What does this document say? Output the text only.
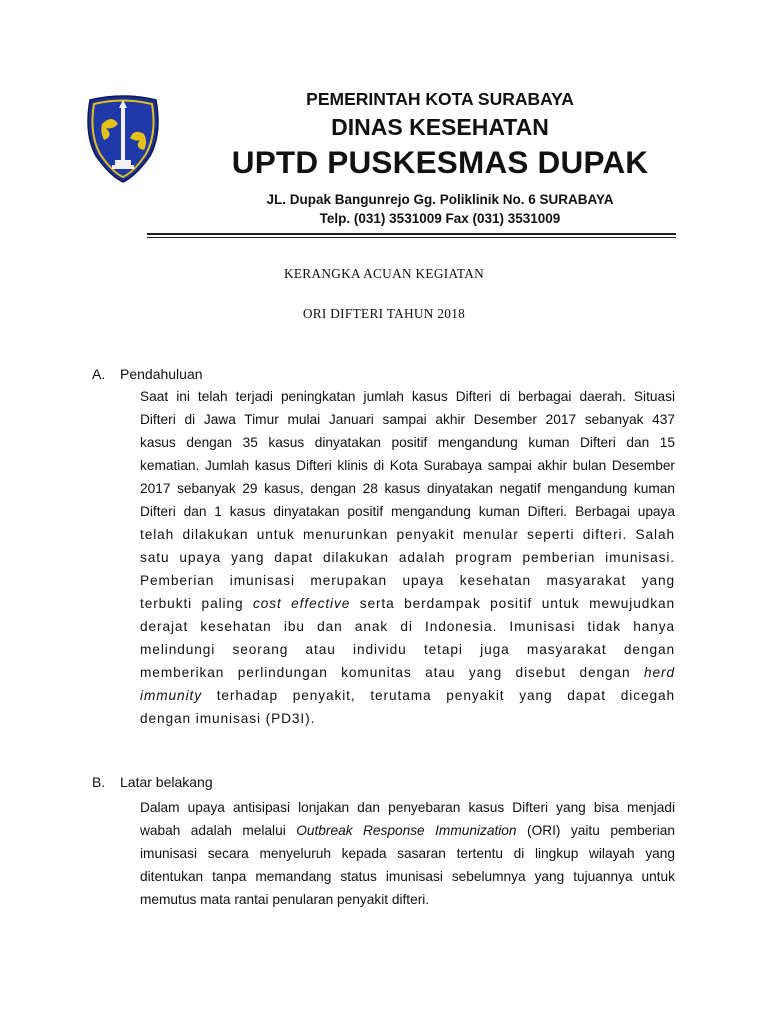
PEMERINTAH KOTA SURABAYA
DINAS KESEHATAN
UPTD PUSKESMAS DUPAK
JL. Dupak Bangunrejo Gg. Poliklinik No. 6 SURABAYA
Telp. (031) 3531009 Fax (031) 3531009
KERANGKA ACUAN KEGIATAN
ORI DIFTERI TAHUN 2018
A. Pendahuluan
Saat ini telah terjadi peningkatan jumlah kasus Difteri di berbagai daerah. Situasi
Difteri di Jawa Timur mulai Januari sampai akhir Desember 2017 sebanyak 437
kasus dengan 35 kasus dinyatakan positif mengandung kuman Difteri dan 15
kematian. Jumlah kasus Difteri klinis di Kota Surabaya sampai akhir bulan Desember
2017 sebanyak 29 kasus, dengan 28 kasus dinyatakan negatif mengandung kuman
Difteri dan 1 kasus dinyatakan positif mengandung kuman Difteri. Berbagai upaya
telah dilakukan untuk menurunkan penyakit menular seperti difteri. Salah
satu upaya yang dapat dilakukan adalah program pemberian imunisasi.
Pemberian imunisasi merupakan upaya kesehatan masyarakat yang
terbukti paling cost effective serta berdampak positif untuk mewujudkan
derajat kesehatan ibu dan anak di Indonesia. Imunisasi tidak hanya
melindungi seorang atau individu tetapi juga masyarakat dengan
memberikan perlindungan komunitas atau yang disebut dengan herd
immunity terhadap penyakit, terutama penyakit yang dapat dicegah
dengan imunisasi (PD3I).
B. Latar belakang
Dalam upaya antisipasi lonjakan dan penyebaran kasus Difteri yang bisa menjadi
wabah adalah melalui Outbreak Response Immunization (ORI) yaitu pemberian
imunisasi secara menyeluruh kepada sasaran tertentu di lingkup wilayah yang
ditentukan tanpa memandang status imunisasi sebelumnya yang tujuannya untuk
memutus mata rantai penularan penyakit difteri.
